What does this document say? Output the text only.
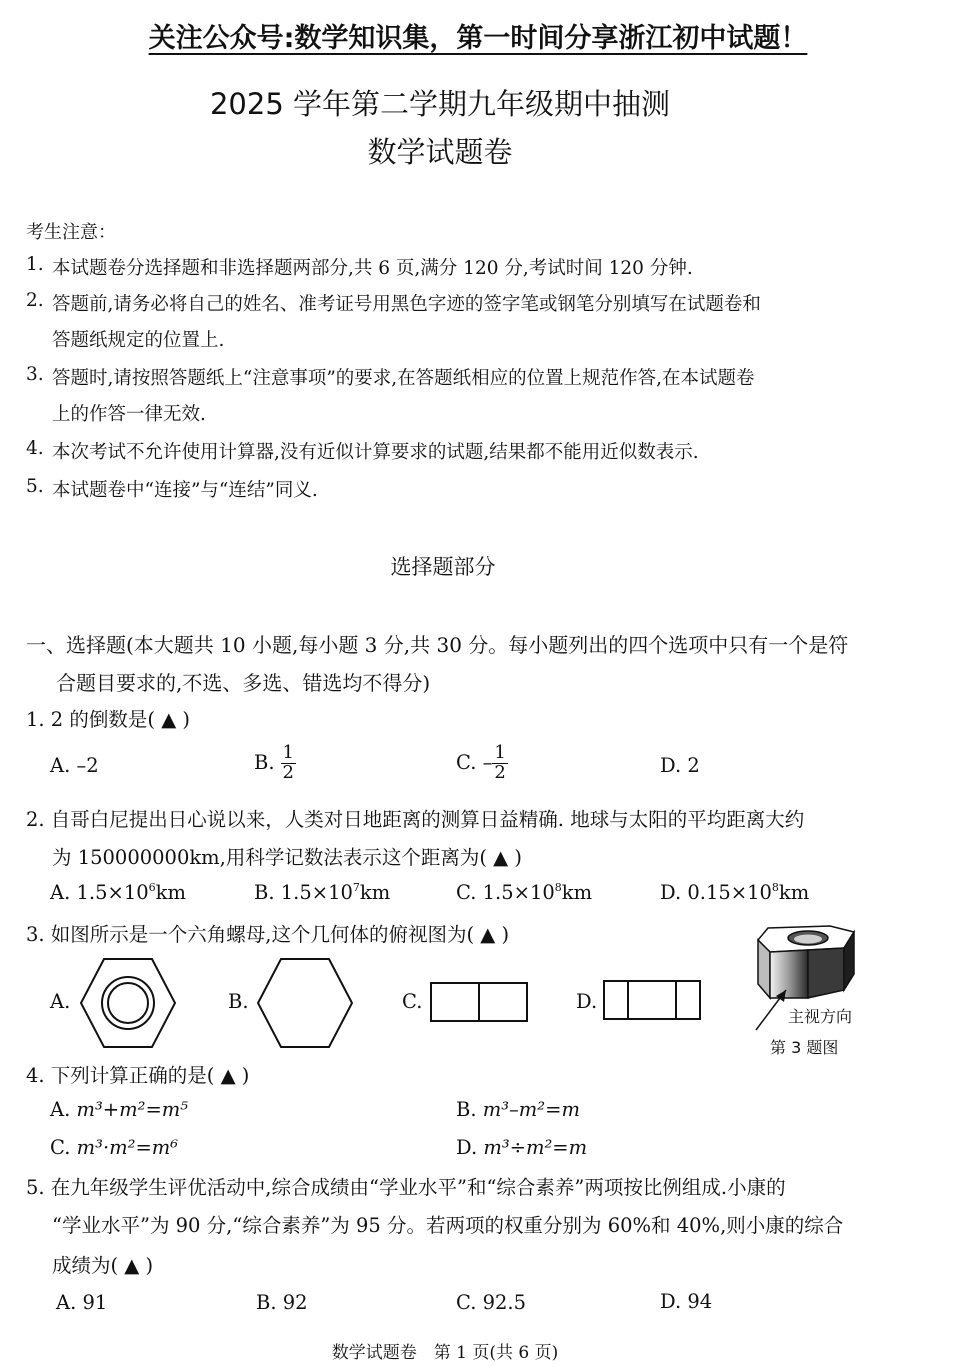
关注公众号:数学知识集，第一时间分享浙江初中试题！
2025 学年第二学期九年级期中抽测
数学试题卷
考生注意：
1. 本试题卷分选择题和非选择题两部分,共 6 页,满分 120 分,考试时间 120 分钟.
2. 答题前,请务必将自己的姓名、准考证号用黑色字迹的签字笔或钢笔分别填写在试题卷和
答题纸规定的位置上.
3. 答题时,请按照答题纸上“注意事项”的要求,在答题纸相应的位置上规范作答,在本试题卷
上的作答一律无效.
4. 本次考试不允许使用计算器,没有近似计算要求的试题,结果都不能用近似数表示.
5. 本试题卷中“连接”与“连结”同义.
选择题部分
一、选择题(本大题共 10 小题,每小题 3 分,共 30 分。每小题列出的四个选项中只有一个是符
合题目要求的,不选、多选、错选均不得分)
1. 2 的倒数是( ▲ )
A. –2	B. $\frac{1}{2}$	C. – $\frac{1}{2}$	D. 2
2. 自哥白尼提出日心说以来，人类对日地距离的测算日益精确. 地球与太阳的平均距离大约
为 150000000km,用科学记数法表示这个距离为( ▲ )
A. $1.5\times 10^6km$	B. $1.5\times 10^7km$	C. $1.5\times 10^8km$	D. $0.15\times 10^8km$
3. 如图所示是一个六角螺母,这个几何体的俯视图为( ▲ )
A.	B.	C.	D.
主视方向
第 3 题图
4. 下列计算正确的是( ▲ )
A. m³+m²=m⁵	B. m³–m²=m
C. m³·m²=m⁶	D. m³÷m²=m
5. 在九年级学生评优活动中,综合成绩由“学业水平”和“综合素养”两项按比例组成.小康的
“学业水平”为 90 分,“综合素养”为 95 分。若两项的权重分别为 60%和 40%,则小康的综合
成绩为( ▲ )
A. 91	B. 92	C. 92.5	D. 94
数学试题卷　第 1 页(共 6 页)
